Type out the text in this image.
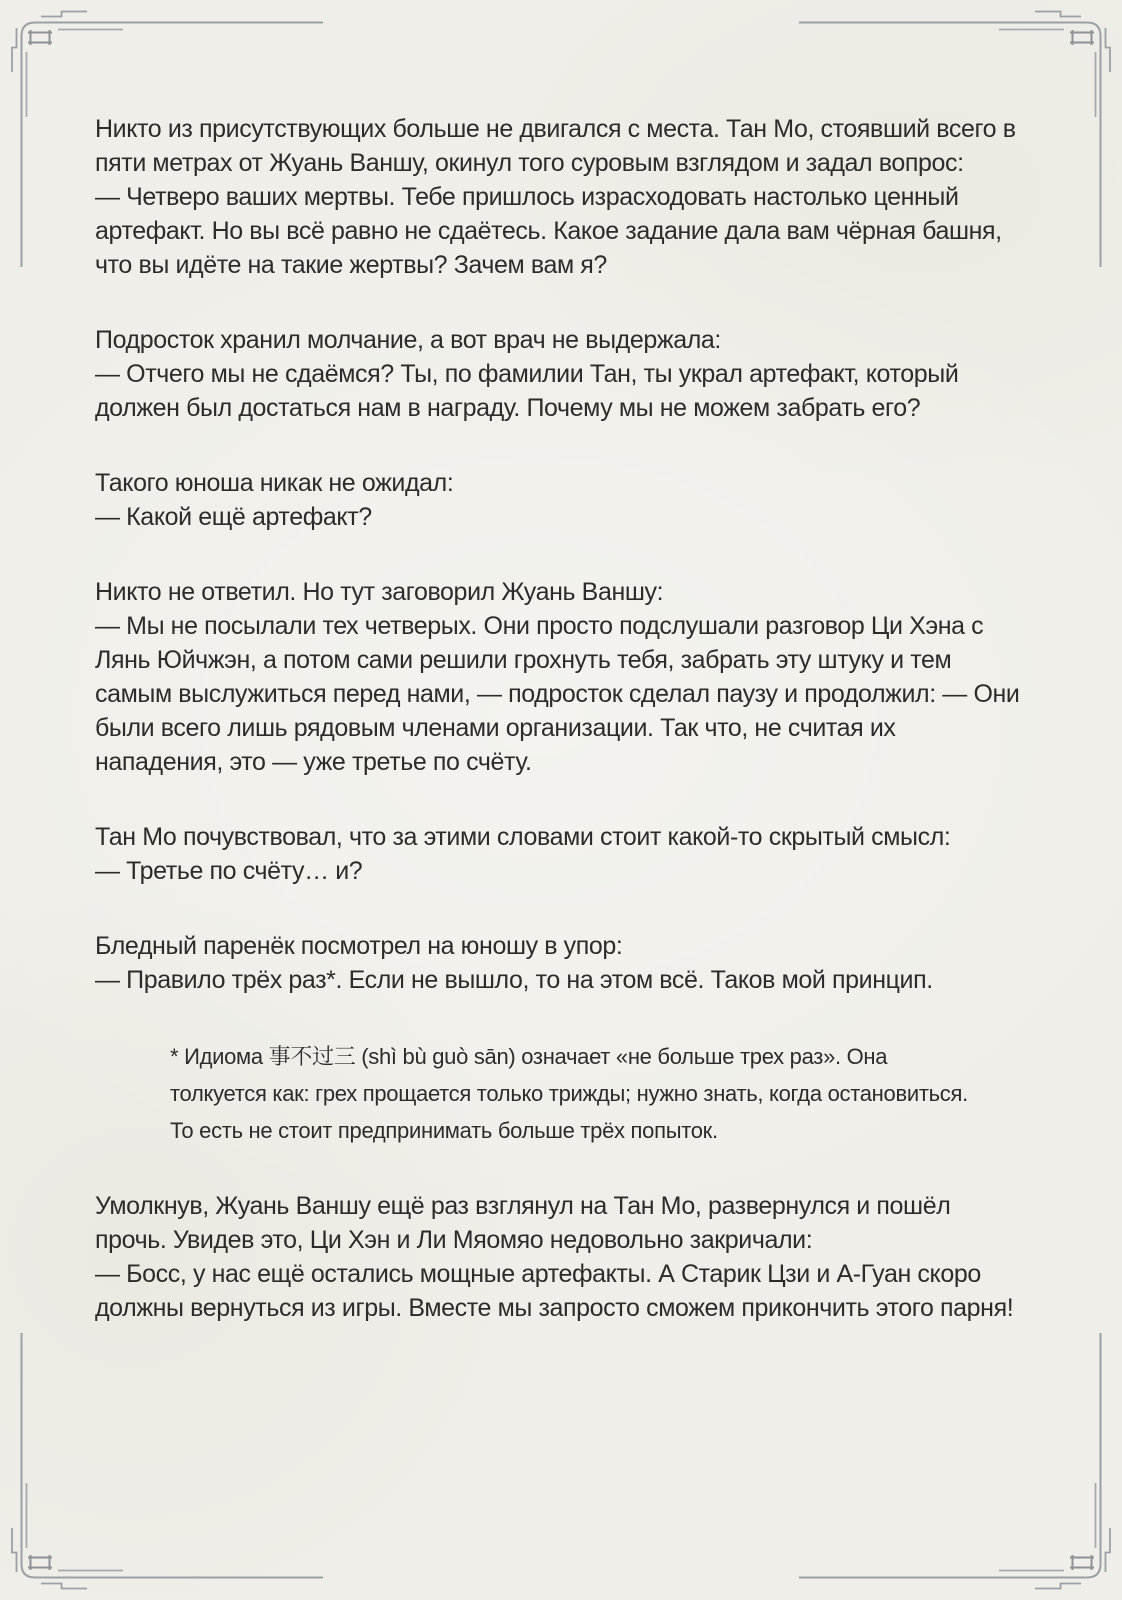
Никто из присутствующих больше не двигался с места. Тан Мо, стоявший всего в пяти метрах от Жуань Ваншу, окинул того суровым взглядом и задал вопрос:
— Четверо ваших мертвы. Тебе пришлось израсходовать настолько ценный артефакт. Но вы всё равно не сдаётесь. Какое задание дала вам чёрная башня, что вы идёте на такие жертвы? Зачем вам я?

Подросток хранил молчание, а вот врач не выдержала:
— Отчего мы не сдаёмся? Ты, по фамилии Тан, ты украл артефакт, который должен был достаться нам в награду. Почему мы не можем забрать его?

Такого юноша никак не ожидал:
— Какой ещё артефакт?

Никто не ответил. Но тут заговорил Жуань Ваншу:
— Мы не посылали тех четверых. Они просто подслушали разговор Ци Хэна с Лянь Юйчжэн, а потом сами решили грохнуть тебя, забрать эту штуку и тем самым выслужиться перед нами, — подросток сделал паузу и продолжил: — Они были всего лишь рядовым членами организации. Так что, не считая их нападения, это — уже третье по счёту.

Тан Мо почувствовал, что за этими словами стоит какой-то скрытый смысл:
— Третье по счёту… и?

Бледный паренёк посмотрел на юношу в упор:
— Правило трёх раз*. Если не вышло, то на этом всё. Таков мой принцип.

* Идиома 事不过三 (shì bù guò sān) означает «не больше трех раз». Она толкуется как: грех прощается только трижды; нужно знать, когда остановиться. То есть не стоит предпринимать больше трёх попыток.

Умолкнув, Жуань Ваншу ещё раз взглянул на Тан Мо, развернулся и пошёл прочь. Увидев это, Ци Хэн и Ли Мяомяо недовольно закричали:
— Босс, у нас ещё остались мощные артефакты. А Старик Цзи и А-Гуан скоро должны вернуться из игры. Вместе мы запросто сможем прикончить этого парня!
